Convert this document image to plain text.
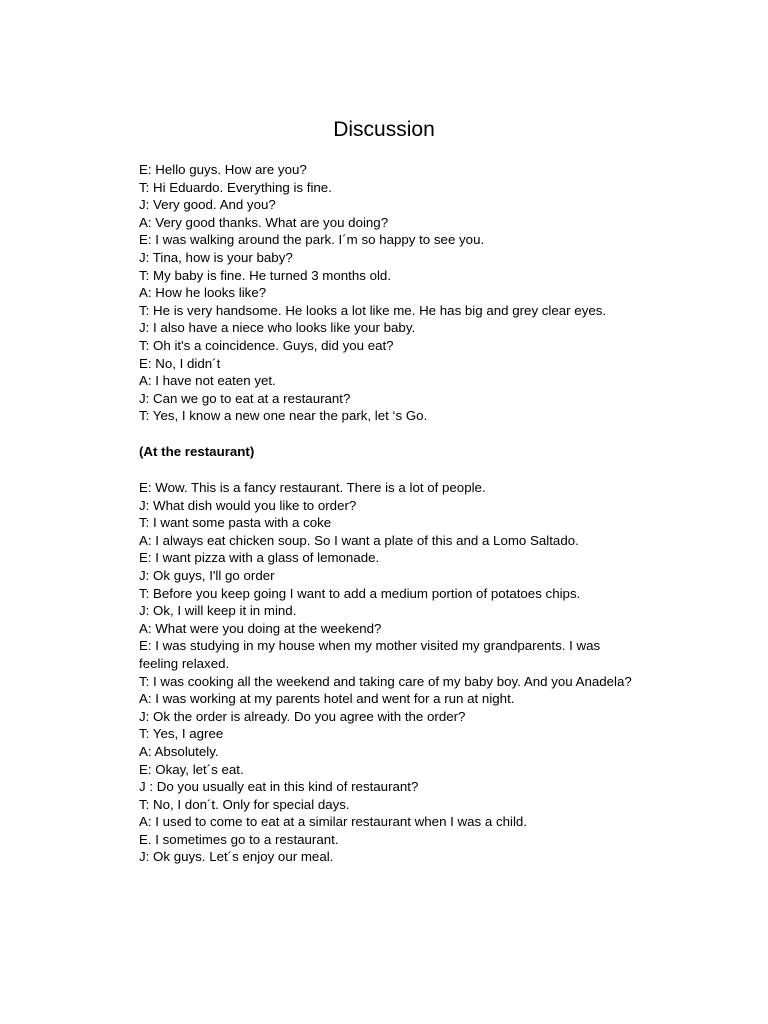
Discussion
E: Hello guys. How are you?
T: Hi Eduardo. Everything is fine.
J: Very good. And you?
A: Very good thanks. What are you doing?
E: I was walking around the park. I´m so happy to see you.
J: Tina, how is your baby?
T: My baby is fine. He turned 3 months old.
A: How he looks like?
T: He is very handsome. He looks a lot like me. He has big and grey clear eyes.
J: I also have a niece who looks like your baby.
T: Oh it's a coincidence. Guys, did you eat?
E: No, I didn´t
A: I have not eaten yet.
J: Can we go to eat at a restaurant?
T: Yes, I know a new one near the park, let ‘s Go.
(At the restaurant)
E: Wow. This is a fancy restaurant. There is a lot of people.
J: What dish would you like to order?
T: I want some pasta with a coke
A: I always eat chicken soup. So I want a plate of this and a Lomo Saltado.
E: I want pizza with a glass of lemonade.
J: Ok guys, I'll go order
T: Before you keep going I want to add a medium portion of potatoes chips.
J: Ok, I will keep it in mind.
A: What were you doing at the weekend?
E: I was studying in my house when my mother visited my grandparents. I was
feeling relaxed.
T: I was cooking all the weekend and taking care of my baby boy. And you Anadela?
A: I was working at my parents hotel and went for a run at night.
J: Ok the order is already. Do you agree with the order?
T: Yes, I agree
A: Absolutely.
E: Okay, let´s eat.
J : Do you usually eat in this kind of restaurant?
T: No, I don´t. Only for special days.
A: I used to come to eat at a similar restaurant when I was a child.
E. I sometimes go to a restaurant.
J: Ok guys. Let´s enjoy our meal.
